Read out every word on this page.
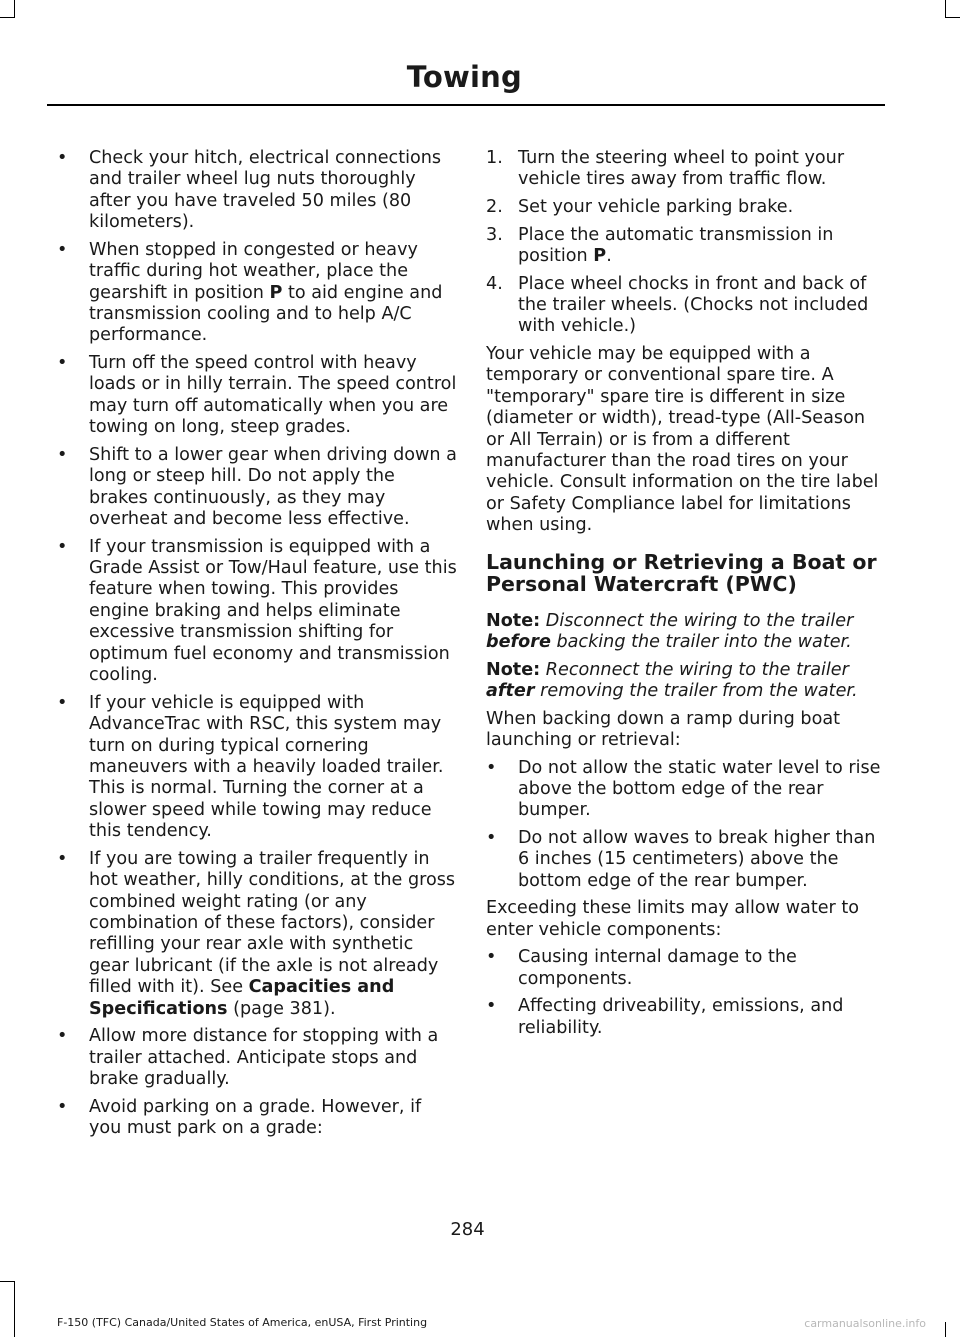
Towing
• Check your hitch, electrical connections and trailer wheel lug nuts thoroughly after you have traveled 50 miles (80 kilometers).
• When stopped in congested or heavy traffic during hot weather, place the gearshift in position P to aid engine and transmission cooling and to help A/C performance.
• Turn off the speed control with heavy loads or in hilly terrain. The speed control may turn off automatically when you are towing on long, steep grades.
• Shift to a lower gear when driving down a long or steep hill. Do not apply the brakes continuously, as they may overheat and become less effective.
• If your transmission is equipped with a Grade Assist or Tow/Haul feature, use this feature when towing. This provides engine braking and helps eliminate excessive transmission shifting for optimum fuel economy and transmission cooling.
• If your vehicle is equipped with AdvanceTrac with RSC, this system may turn on during typical cornering maneuvers with a heavily loaded trailer. This is normal. Turning the corner at a slower speed while towing may reduce this tendency.
• If you are towing a trailer frequently in hot weather, hilly conditions, at the gross combined weight rating (or any combination of these factors), consider refilling your rear axle with synthetic gear lubricant (if the axle is not already filled with it). See Capacities and Specifications (page 381).
• Allow more distance for stopping with a trailer attached. Anticipate stops and brake gradually.
• Avoid parking on a grade. However, if you must park on a grade:
1. Turn the steering wheel to point your vehicle tires away from traffic flow.
2. Set your vehicle parking brake.
3. Place the automatic transmission in position P.
4. Place wheel chocks in front and back of the trailer wheels. (Chocks not included with vehicle.)

Your vehicle may be equipped with a temporary or conventional spare tire. A "temporary" spare tire is different in size (diameter or width), tread-type (All-Season or All Terrain) or is from a different manufacturer than the road tires on your vehicle. Consult information on the tire label or Safety Compliance label for limitations when using.

Launching or Retrieving a Boat or Personal Watercraft (PWC)

Note: Disconnect the wiring to the trailer before backing the trailer into the water.

Note: Reconnect the wiring to the trailer after removing the trailer from the water.

When backing down a ramp during boat launching or retrieval:

• Do not allow the static water level to rise above the bottom edge of the rear bumper.
• Do not allow waves to break higher than 6 inches (15 centimeters) above the bottom edge of the rear bumper.

Exceeding these limits may allow water to enter vehicle components:

• Causing internal damage to the components.
• Affecting driveability, emissions, and reliability.
284
F-150 (TFC) Canada/United States of America, enUSA, First Printing	carmanualsonline.info
